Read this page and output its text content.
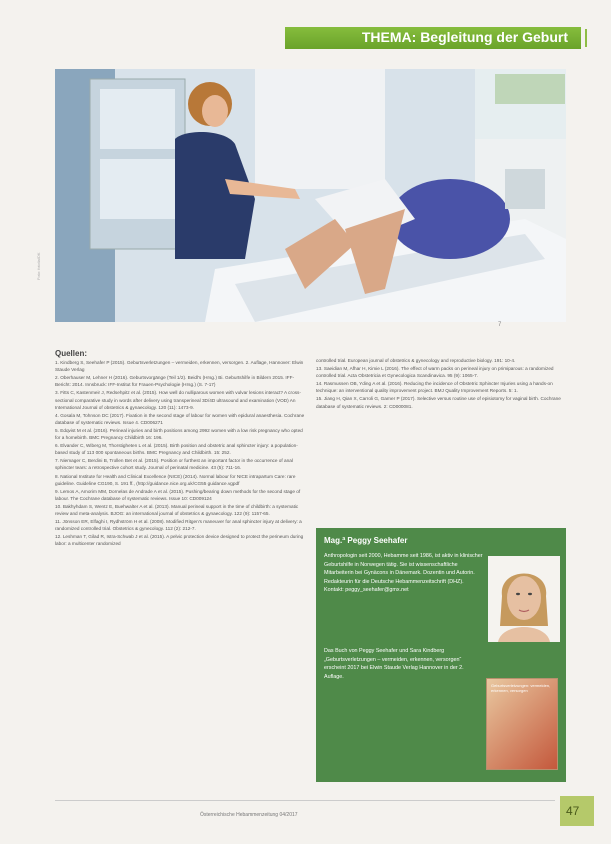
THEMA: Begleitung der Geburt
Foto: fotolia/DK
7
Quellen:

1. Kindberg S, Seehafer P (2015). Geburtsverletzungen – vermeiden, erkennen, versorgen. 2. Auflage, Hannover: Elwin Staude Verlag

2. Oberhauser M, Lehner H (2016). Geburtsvorgänge (Teil 1/2). Beidl's (Hrsg.) Bi. Geburtshilfe in Bildern 2015. IFF-Bericht: 2014. Innsbruck: IFF-Institut für Frauen-Psychologie (Hrsg.) (S. 7-17)

3. Fitts C, Kastenmeir J, Redsehpitz et al. (2015). How well do nulliparous women with vulvar lesions interact? A cross-sectional comparative study in words after delivery using transperineal 3D/4D ultrasound and examination (VOD) An International Journal of obstetrics & gynaecology. 120 (11): 1473-9.

4. Gosala M, Tohnson DC (2017). Fixation in the second stage of labour for women with epidural anaesthesia. Cochrane database of systematic reviews. Issue 4. CD006271

5. Edqvist M et al. (2016). Perineal injuries and birth positions among 2992 women with a low risk pregnancy who opted for a homebirth. BMC Pregnancy Childbirth 16: 196.

6. Elvander C, Wiberg M, Thorstigheten L et al. (2015). Birth position and obstetric anal sphincter injury: a population-based study of 113 000 spontaneous births. BMC Pregnancy and Childbirth. 15: 252.

7. Niemager C, Berdini B, Trollen Bet et al. (2015). Position or furthest an important factor in the occurrence of anal sphincter tears: a retrospective cohort study. Journal of perinatal medicine. 43 (5): 711-16.

8. National Institute for Health and Clinical Excellence (NICE) (2014). Normal labour for NICE intrapartum Care: rare guideline. Guideline CG190, S. 191 ff., (http://guidance.nice.org.uk/CG55 guidance.vgpdf

9. Lemos A, Amorim MM, Dornelas de Andrade A et al. (2015). Pushing/bearing down methods for the second stage of labour. The Cochrane database of systematic reviews. Issue 10: CD009124

10. Bakhyhdam S, Wentz E, Buehwalter A et al. (2013). Manual perineal support in the time of childbirth: a systematic review and meta-analysis. BJOG: an international journal of obstetrics & gynaecology. 122 (9): 1157-65.

11. Jönsson ER, Elfaghi I, Rydhström H et al. (2008). Modified Ritgen's maneuver for anal sphincter injury at delivery: a randomized controlled trial. Obstetrics & gynecology. 112 (2): 212-7.

12. Leshman T, Gilad R, Istra-Schwab J et al. (2015). A pelvic protection device designed to protect the perineum during labor: a multicenter randomized

controlled trial. European journal of obstetrics & gynecology and reproductive biology. 191: 10-4.

13. Saeidian M, Afhar H, Kimie L (2016). The effect of warm packs on perineal injury on primiparous: a randomized controlled trial. Acta Obstetricia et Gynecologica Scandinavica. 95 (9): 1065-7.

14. Rasmussen OB, Yding A et al. (2016). Reducing the incidence of Obstetric Sphincter Injuries using a hands-on technique: an interventional quality improvement project. BMJ Quality Improvement Reports. 5: 1.

15. Jiang H, Qian X, Carroli G, Garner P (2017). Selective versus routine use of episiotomy for vaginal birth. Cochrane database of systematic reviews. 2: CD000081.

Mag.ª Peggy Seehafer
Anthropologin seit 2000, Hebamme seit 1986, ist aktiv in klinischer Geburtshilfe in Norwegen tätig. Sie ist wissenschaftliche Mitarbeiterin bei Gynäcons in Dänemark. Dozentin und Autorin. Redakteurin für die Deutsche Hebammenzeitschrift (DHZ).
Kontakt: peggy_seehafer@gmx.net
Das Buch von Peggy Seehafer und Sara Kindberg „Geburtsverletzungen – vermeiden, erkennen, versorgen“ erscheint 2017 bei Elwin Staude Verlag Hannover in der 2. Auflage.
Geburtsverletzungen: vermeiden, erkennen, versorgen
Österreichische Hebammenzeitung 04/2017	47
